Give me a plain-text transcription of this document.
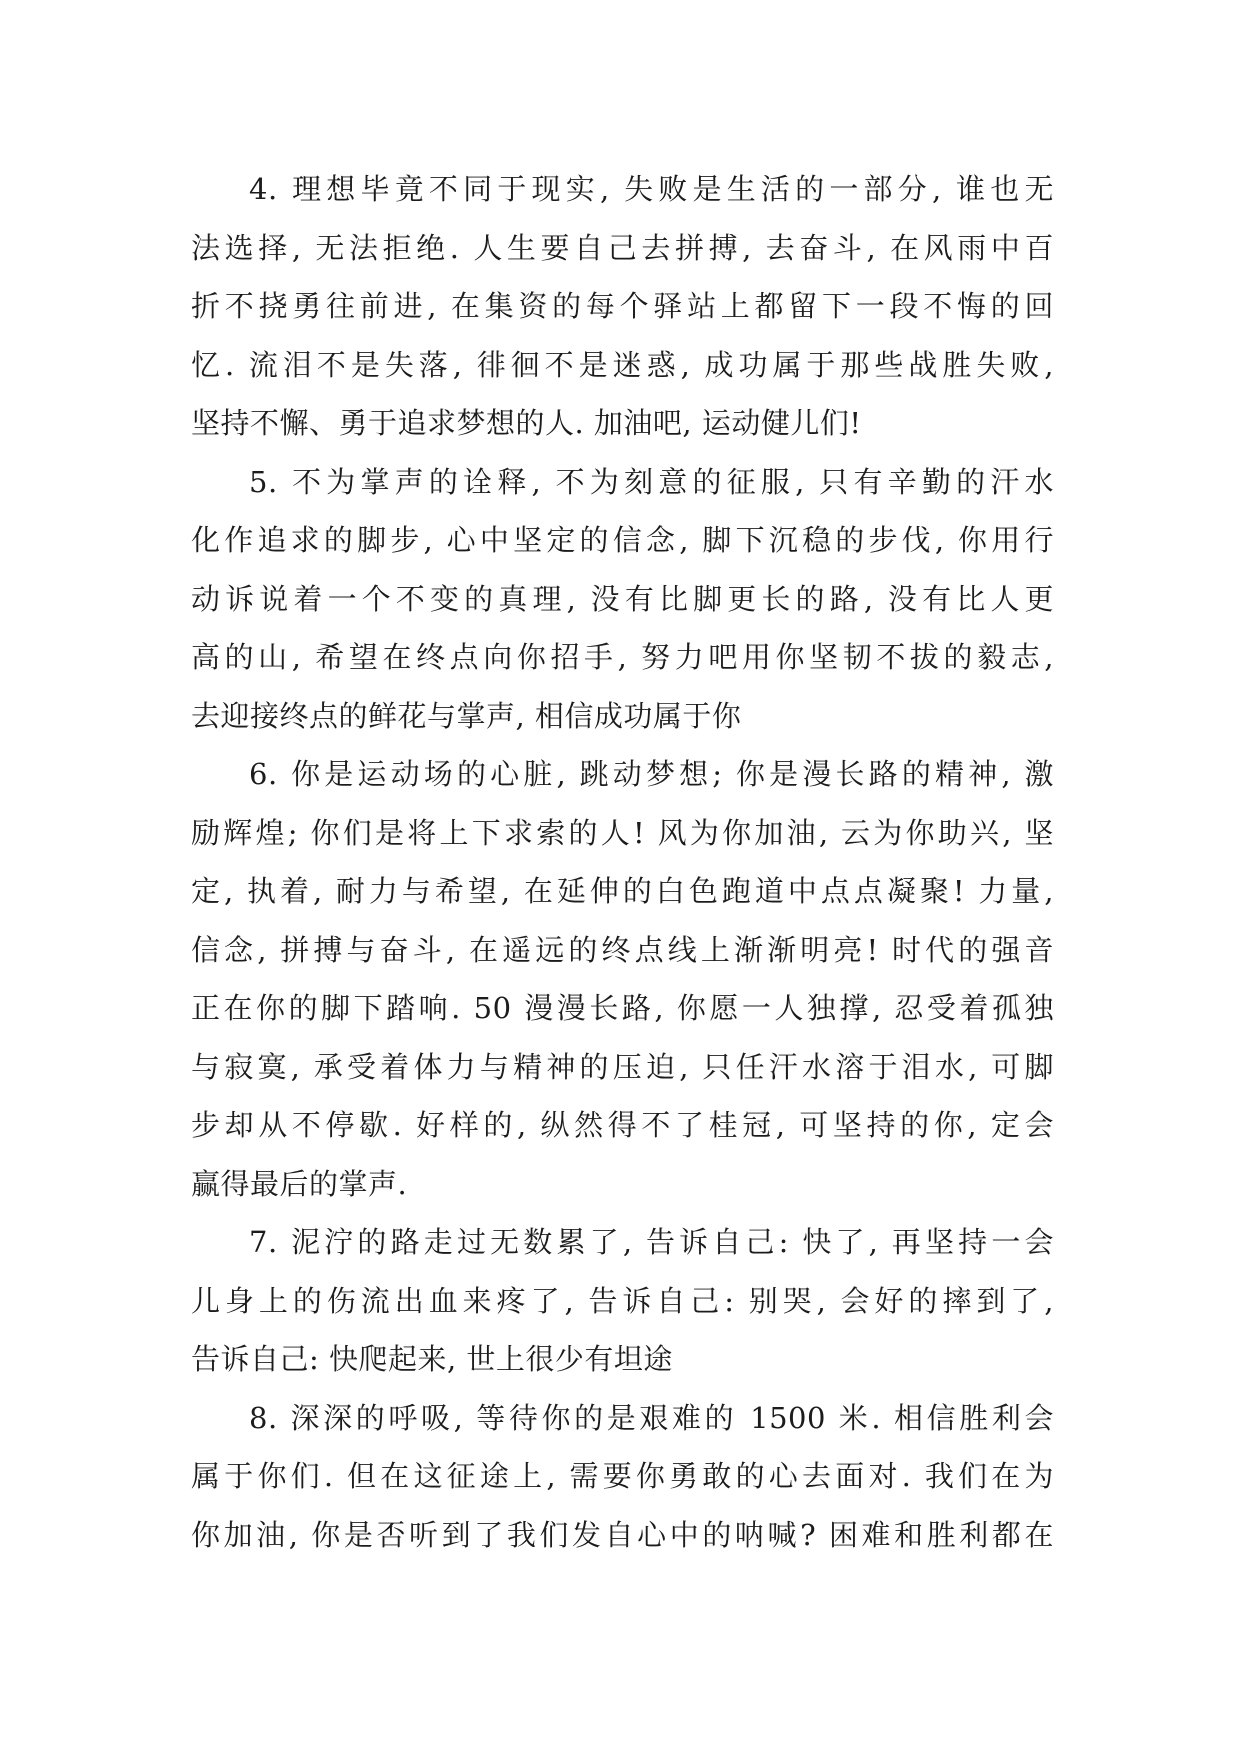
4. 理想毕竟不同于现实, 失败是生活的一部分, 谁也无
法选择, 无法拒绝. 人生要自己去拼搏, 去奋斗, 在风雨中百
折不挠勇往前进, 在集资的每个驿站上都留下一段不悔的回
忆. 流泪不是失落, 徘徊不是迷惑, 成功属于那些战胜失败,
坚持不懈、勇于追求梦想的人. 加油吧, 运动健儿们!
5. 不为掌声的诠释, 不为刻意的征服, 只有辛勤的汗水
化作追求的脚步, 心中坚定的信念, 脚下沉稳的步伐, 你用行
动诉说着一个不变的真理, 没有比脚更长的路, 没有比人更
高的山, 希望在终点向你招手, 努力吧用你坚韧不拔的毅志,
去迎接终点的鲜花与掌声, 相信成功属于你
6. 你是运动场的心脏, 跳动梦想; 你是漫长路的精神, 激
励辉煌; 你们是将上下求索的人! 风为你加油, 云为你助兴, 坚
定, 执着, 耐力与希望, 在延伸的白色跑道中点点凝聚! 力量,
信念, 拼搏与奋斗, 在遥远的终点线上渐渐明亮! 时代的强音
正在你的脚下踏响. 50 漫漫长路, 你愿一人独撑, 忍受着孤独
与寂寞, 承受着体力与精神的压迫, 只任汗水溶于泪水, 可脚
步却从不停歇. 好样的, 纵然得不了桂冠, 可坚持的你, 定会
赢得最后的掌声.
7. 泥泞的路走过无数累了, 告诉自己: 快了, 再坚持一会
儿身上的伤流出血来疼了, 告诉自己: 别哭, 会好的摔到了,
告诉自己: 快爬起来, 世上很少有坦途
8. 深深的呼吸, 等待你的是艰难的 1500 米. 相信胜利会
属于你们. 但在这征途上, 需要你勇敢的心去面对. 我们在为
你加油, 你是否听到了我们发自心中的呐喊? 困难和胜利都在
